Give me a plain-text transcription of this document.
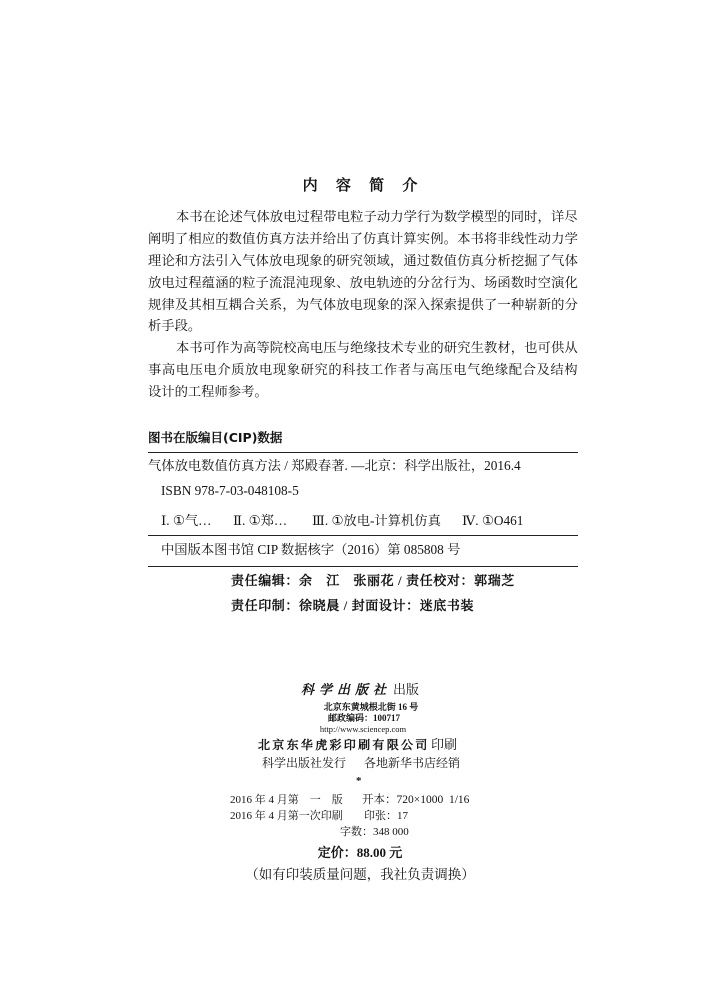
内 容 简 介
本 书 在 论 述 气 体 放 电 过 程 带 电 粒 子 动 力 学 行 为 数 学 模 型 的 同 时 ， 详 尽
阐 明 了 相 应 的 数 值 仿 真 方 法 并 给 出 了 仿 真 计 算 实 例 。 本 书 将 非 线 性 动 力 学
理 论 和 方 法 引 入 气 体 放 电 现 象 的 研 究 领 域 ， 通 过 数 值 仿 真 分 析 挖 掘 了 气 体
放 电 过 程 蕴 涵 的 粒 子 流 混 沌 现 象 、 放 电 轨 迹 的 分 岔 行 为 、 场 函 数 时 空 演 化
规 律 及 其 相 互 耦 合 关 系 ， 为 气 体 放 电 现 象 的 深 入 探 索 提 供 了 一 种 崭 新 的 分
析手段。
本 书 可 作 为 高 等 院 校 高 电 压 与 绝 缘 技 术 专 业 的 研 究 生 教 材 ， 也 可 供 从
事 高 电 压 电 介 质 放 电 现 象 研 究 的 科 技 工 作 者 与 高 压 电 气 绝 缘 配 合 及 结 构
设计的工程师参考。
图书在版编目(CIP)数据
气体放电数值仿真方法 / 郑殿春著. —北京：科学出版社，2016.4
ISBN 978-7-03-048108-5
Ⅰ. ①气… Ⅱ. ①郑… Ⅲ. ①放电-计算机仿真 Ⅳ. ①O461
中国版本图书馆 CIP 数据核字（2016）第 085808 号
责任编辑：余　江　张丽花 / 责任校对：郭瑞芝
责任印制：徐晓晨 / 封面设计：迷底书装
科学出版社 出版
北京东黄城根北街 16 号
邮政编码：100717
http://www.sciencep.com
北京东华虎彩印刷有限公司 印刷
科学出版社发行 各地新华书店经销
*
2016 年 4 月第　一　版 开本：720×1000  1/16
2016 年 4 月第一次印刷 印张：17
字数：348 000
定价：88.00 元
（如有印装质量问题，我社负责调换）
